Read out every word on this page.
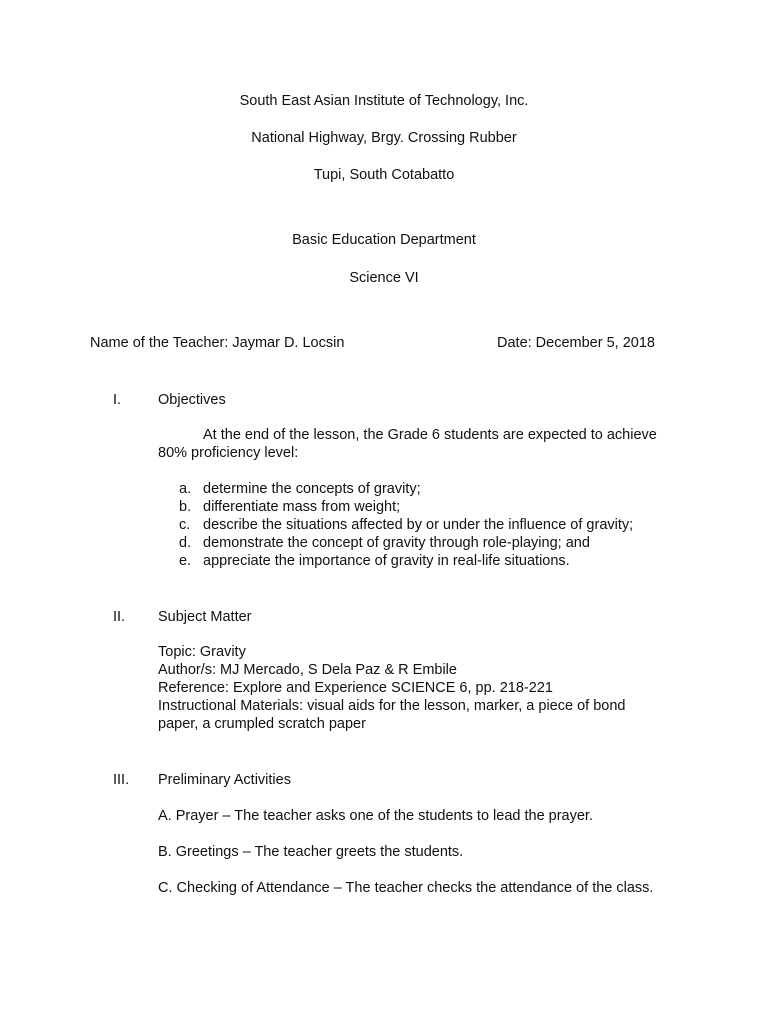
South East Asian Institute of Technology, Inc.
National Highway, Brgy. Crossing Rubber
Tupi, South Cotabatto
Basic Education Department
Science VI
Name of the Teacher: Jaymar D. Locsin	Date: December 5, 2018
I.	Objectives
At the end of the lesson, the Grade 6 students are expected to achieve
80% proficiency level:
a. determine the concepts of gravity;
b. differentiate mass from weight;
c. describe the situations affected by or under the influence of gravity;
d. demonstrate the concept of gravity through role-playing; and
e. appreciate the importance of gravity in real-life situations.
II. Subject Matter
Topic: Gravity
Author/s: MJ Mercado, S Dela Paz & R Embile
Reference: Explore and Experience SCIENCE 6, pp. 218-221
Instructional Materials: visual aids for the lesson, marker, a piece of bond
paper, a crumpled scratch paper
III. Preliminary Activities
A. Prayer – The teacher asks one of the students to lead the prayer.
B. Greetings – The teacher greets the students.
C. Checking of Attendance – The teacher checks the attendance of the class.
